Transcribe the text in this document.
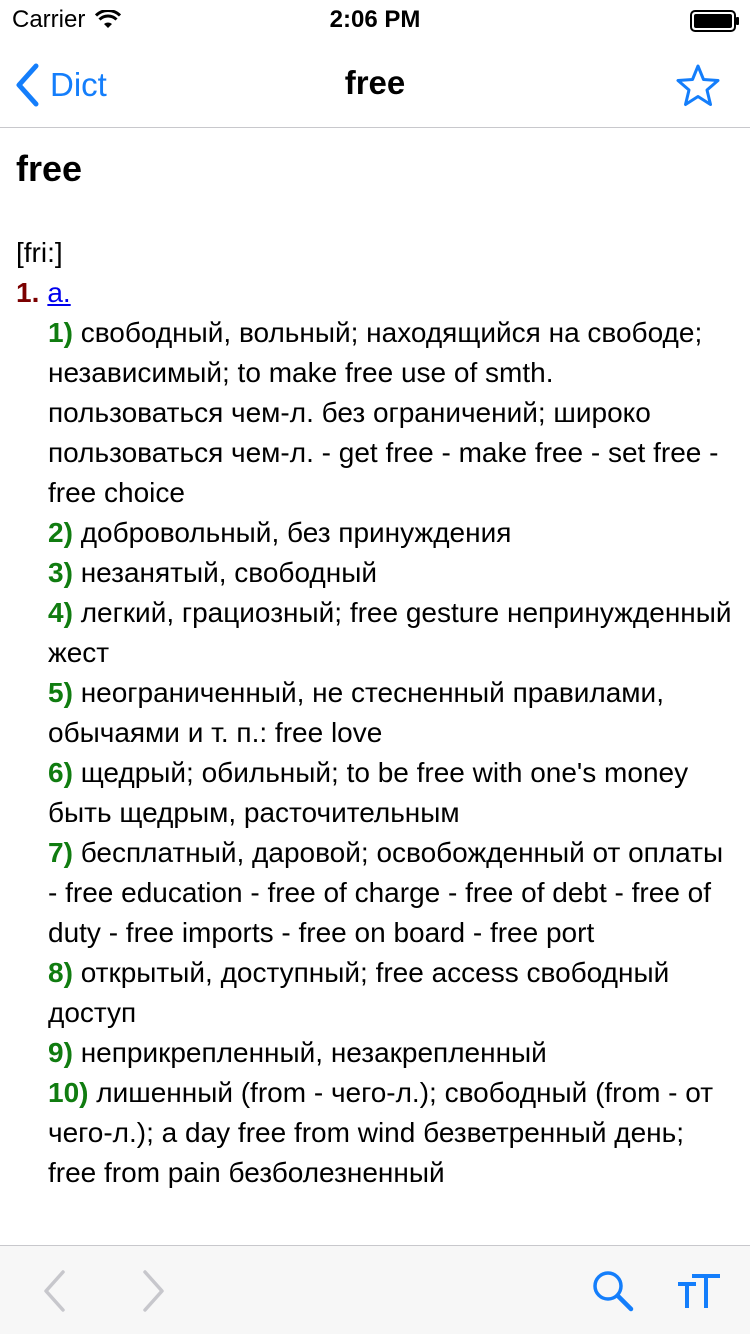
Carrier	2:06 PM
Dict	free
free
[fri:]
1. a.
1) свободный, вольный; находящийся на свободе; независимый; to make free use of smth. пользоваться чем-л. без ограничений; широко пользоваться чем-л. - get free - make free - set free - free choice
2) добровольный, без принуждения
3) незанятый, свободный
4) легкий, грациозный; free gesture непринужденный жест
5) неограниченный, не стесненный правилами, обычаями и т. п.: free love
6) щедрый; обильный; to be free with one's money быть щедрым, расточительным
7) бесплатный, даровой; освобожденный от оплаты - free education - free of charge - free of debt - free of duty - free imports - free on board - free port
8) открытый, доступный; free access свободный доступ
9) неприкрепленный, незакрепленный
10) лишенный (from - чего-л.); свободный (from - от чего-л.); a day free from wind безветренный день; free from pain безболезненный
